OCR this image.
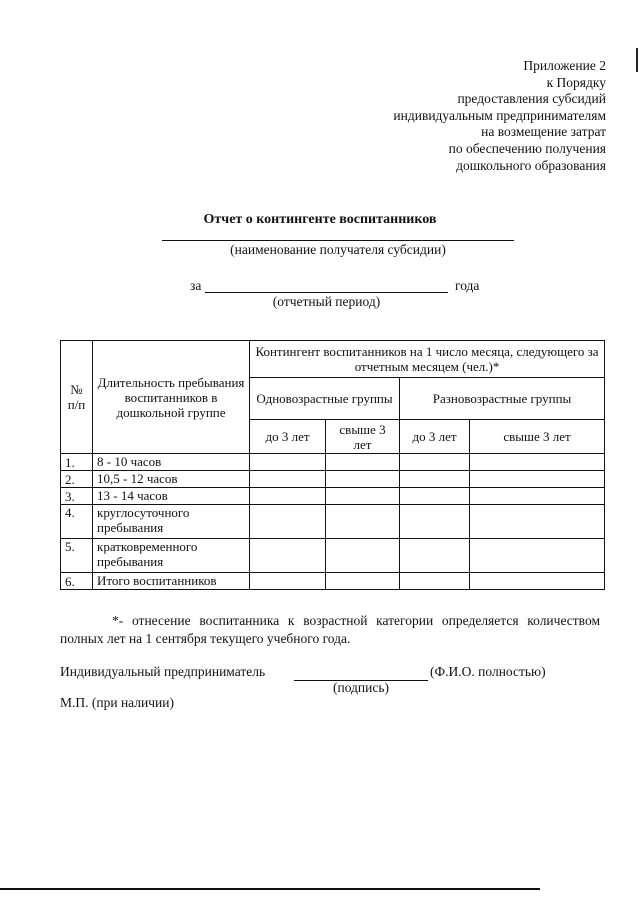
Приложение 2
к Порядку
предоставления субсидий
индивидуальным предпринимателям
на возмещение затрат
по обеспечению получения
дошкольного образования
Отчет о контингенте воспитанников
(наименование получателя субсидии)
за	года
(отчетный период)
№ п/п	Длительность пребывания воспитанников в дошкольной группе	Контингент воспитанников на 1 число месяца, следующего за отчетным месяцем (чел.)*			
		Одновозрастные группы		Разновозрастные группы	
		до 3 лет	свыше 3 лет	до 3 лет	свыше 3 лет
1.	8 - 10 часов				
2.	10,5 - 12 часов				
3.	13 - 14 часов				
4.	круглосуточного пребывания				
5.	кратковременного пребывания				
6.	Итого воспитанников				
*- отнесение воспитанника к возрастной категории определяется количеством полных лет на 1 сентября текущего учебного года.
Индивидуальный предприниматель	(Ф.И.О. полностью)
(подпись)
М.П. (при наличии)
